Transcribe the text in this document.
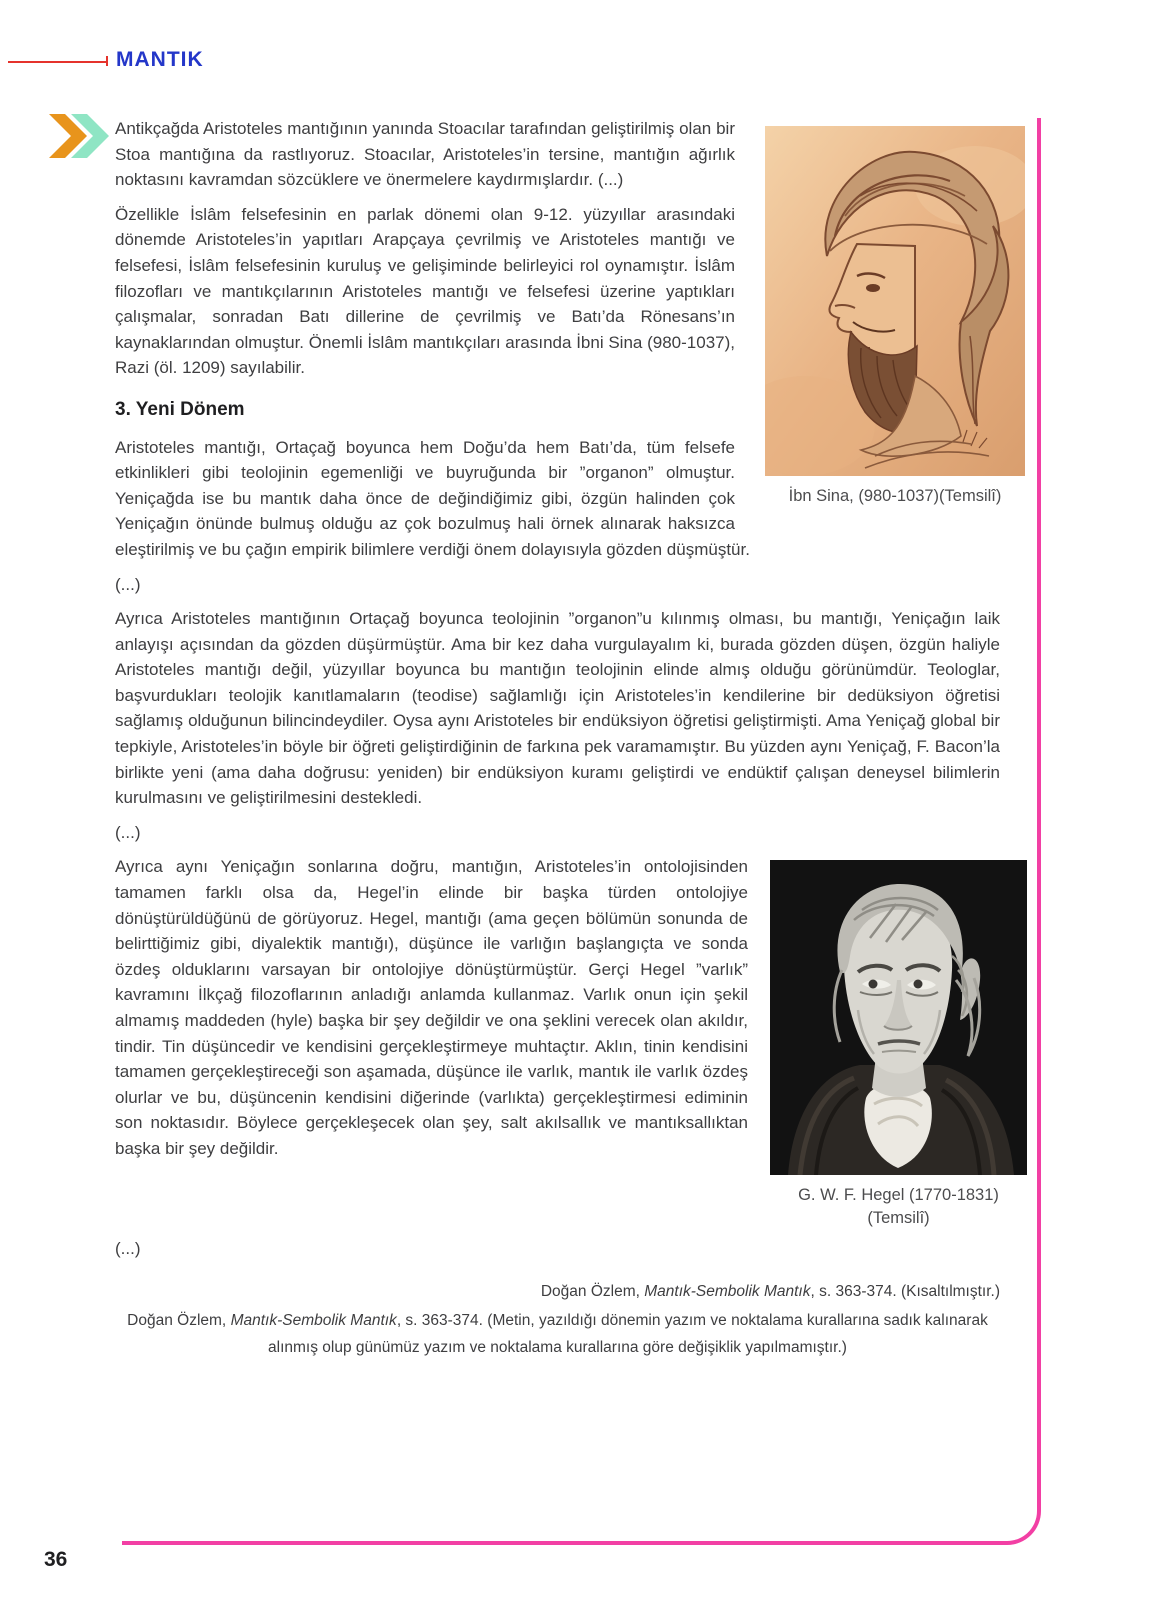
MANTIK
İbn Sina, (980-1037)(Temsilî)

Antikçağda Aristoteles mantığının yanında Stoacılar tarafından geliştirilmiş olan bir Stoa mantığına da rastlıyoruz. Stoacılar, Aristoteles’in tersine, mantığın ağırlık noktasını kavramdan sözcüklere ve önermelere kaydırmışlardır. (...)

Özellikle İslâm felsefesinin en parlak dönemi olan 9-12. yüzyıllar arasındaki dönemde Aristoteles’in yapıtları Arapçaya çevrilmiş ve Aristoteles mantığı ve felsefesi, İslâm felsefesinin kuruluş ve gelişiminde belirleyici rol oynamıştır. İslâm filozofları ve mantıkçılarının Aristoteles mantığı ve felsefesi üzerine yaptıkları çalışmalar, sonradan Batı dillerine de çevrilmiş ve Batı’da Rönesans’ın kaynaklarından olmuştur. Önemli İslâm mantıkçıları arasında İbni Sina (980-1037), Razi (öl. 1209) sayılabilir.

3. Yeni Dönem

Aristoteles mantığı, Ortaçağ boyunca hem Doğu’da hem Batı’da, tüm felsefe etkinlikleri gibi teolojinin egemenliği ve buyruğunda bir ”organon” olmuştur. Yeniçağda ise bu mantık daha önce de değindiğimiz gibi, özgün halinden çok Yeniçağın önünde bulmuş olduğu az çok bozulmuş hali örnek alınarak haksızca eleştirilmiş ve bu çağın empirik bilimlere verdiği önem dolayısıyla gözden düşmüştür.

(...)

Ayrıca Aristoteles mantığının Ortaçağ boyunca teolojinin ”organon”u kılınmış olması, bu mantığı, Yeniçağın laik anlayışı açısından da gözden düşürmüştür. Ama bir kez daha vurgulayalım ki, burada gözden düşen, özgün haliyle Aristoteles mantığı değil, yüzyıllar boyunca bu mantığın teolojinin elinde almış olduğu görünümdür. Teologlar, başvurdukları teolojik kanıtlamaların (teodise) sağlamlığı için Aristoteles’in kendilerine bir dedüksiyon öğretisi sağlamış olduğunun bilincindeydiler. Oysa aynı Aristoteles bir endüksiyon öğretisi geliştirmişti. Ama Yeniçağ global bir tepkiyle, Aristoteles’in böyle bir öğreti geliştirdiğinin de farkına pek varamamıştır. Bu yüzden aynı Yeniçağ, F. Bacon’la birlikte yeni (ama daha doğrusu: yeniden) bir endüksiyon kuramı geliştirdi ve endüktif çalışan deneysel bilimlerin kurulmasını ve geliştirilmesini destekledi.

(...)

G. W. F. Hegel (1770-1831)
(Temsilî)

Ayrıca aynı Yeniçağın sonlarına doğru, mantığın, Aristoteles’in ontolojisinden tamamen farklı olsa da, Hegel’in elinde bir başka türden ontolojiye dönüştürüldüğünü de görüyoruz. Hegel, mantığı (ama geçen bölümün sonunda de belirttiğimiz gibi, diyalektik mantığı), düşünce ile varlığın başlangıçta ve sonda özdeş olduklarını varsayan bir ontolojiye dönüştürmüştür. Gerçi Hegel ”varlık” kavramını İlkçağ filozoflarının anladığı anlamda kullanmaz. Varlık onun için şekil almamış maddeden (hyle) başka bir şey değildir ve ona şeklini verecek olan akıldır, tindir. Tin düşüncedir ve kendisini gerçekleştirmeye muhtaçtır. Aklın, tinin kendisini tamamen gerçekleştireceği son aşamada, düşünce ile varlık, mantık ile varlık özdeş olurlar ve bu, düşüncenin kendisini diğerinde (varlıkta) gerçekleştirmesi ediminin son noktasıdır. Böylece gerçekleşecek olan şey, salt akılsallık ve mantıksallıktan başka bir şey değildir.

(...)

Doğan Özlem, Mantık-Sembolik Mantık, s. 363-374. (Kısaltılmıştır.)
Doğan Özlem, Mantık-Sembolik Mantık, s. 363-374. (Metin, yazıldığı dönemin yazım ve noktalama kurallarına sadık kalınarak alınmış olup günümüz yazım ve noktalama kurallarına göre değişiklik yapılmamıştır.)
36
